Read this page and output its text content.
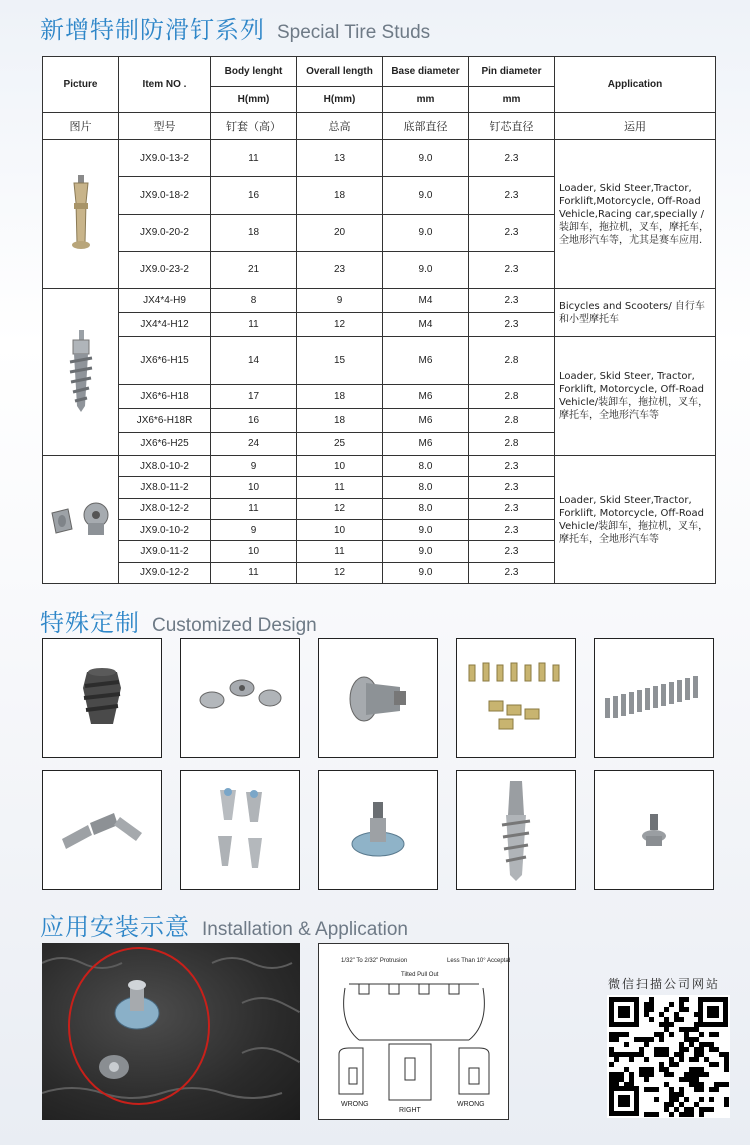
新增特制防滑钉系列 Special Tire Studs
Picture	Item NO .	Body lenght	Overall length	Base diameter	Pin diameter	Application
		H(mm)	H(mm)	mm	mm	
图片	型号	钉套（高）	总高	底部直径	钉芯直径	运用
	JX9.0-13-2	11	13	9.0	2.3	Loader, Skid Steer,Tractor, Forklift,Motorcycle, Off-Road Vehicle,Racing car,specially /装卸车，拖拉机，叉车，摩托车，全地形汽车等，尤其是赛车应用.
	JX9.0-18-2	16	18	9.0	2.3	
	JX9.0-20-2	18	20	9.0	2.3	
	JX9.0-23-2	21	23	9.0	2.3	
	JX4*4-H9	8	9	M4	2.3	Bicycles and Scooters/ 自行车和小型摩托车
	JX4*4-H12	11	12	M4	2.3	
	JX6*6-H15	14	15	M6	2.8	Loader, Skid Steer, Tractor, Forklift, Motorcycle, Off-Road Vehicle/装卸车，拖拉机，叉车，摩托车，全地形汽车等
	JX6*6-H18	17	18	M6	2.8	
	JX6*6-H18R	16	18	M6	2.8	
	JX6*6-H25	24	25	M6	2.8	
	JX8.0-10-2	9	10	8.0	2.3	Loader, Skid Steer,Tractor, Forklift, Motorcycle, Off-Road Vehicle/装卸车，拖拉机，叉车，摩托车，全地形汽车等
	JX8.0-11-2	10	11	8.0	2.3	
	JX8.0-12-2	11	12	8.0	2.3	
	JX9.0-10-2	9	10	9.0	2.3	
	JX9.0-11-2	10	11	9.0	2.3	
	JX9.0-12-2	11	12	9.0	2.3	
特殊定制 Customized Design
应用安装示意 Installation & Application
1/32" To 2/32" Protrusion
Tilted Pull Out
Less Than 10° Acceptable
WRONG
RIGHT
WRONG
微信扫描公司网站
